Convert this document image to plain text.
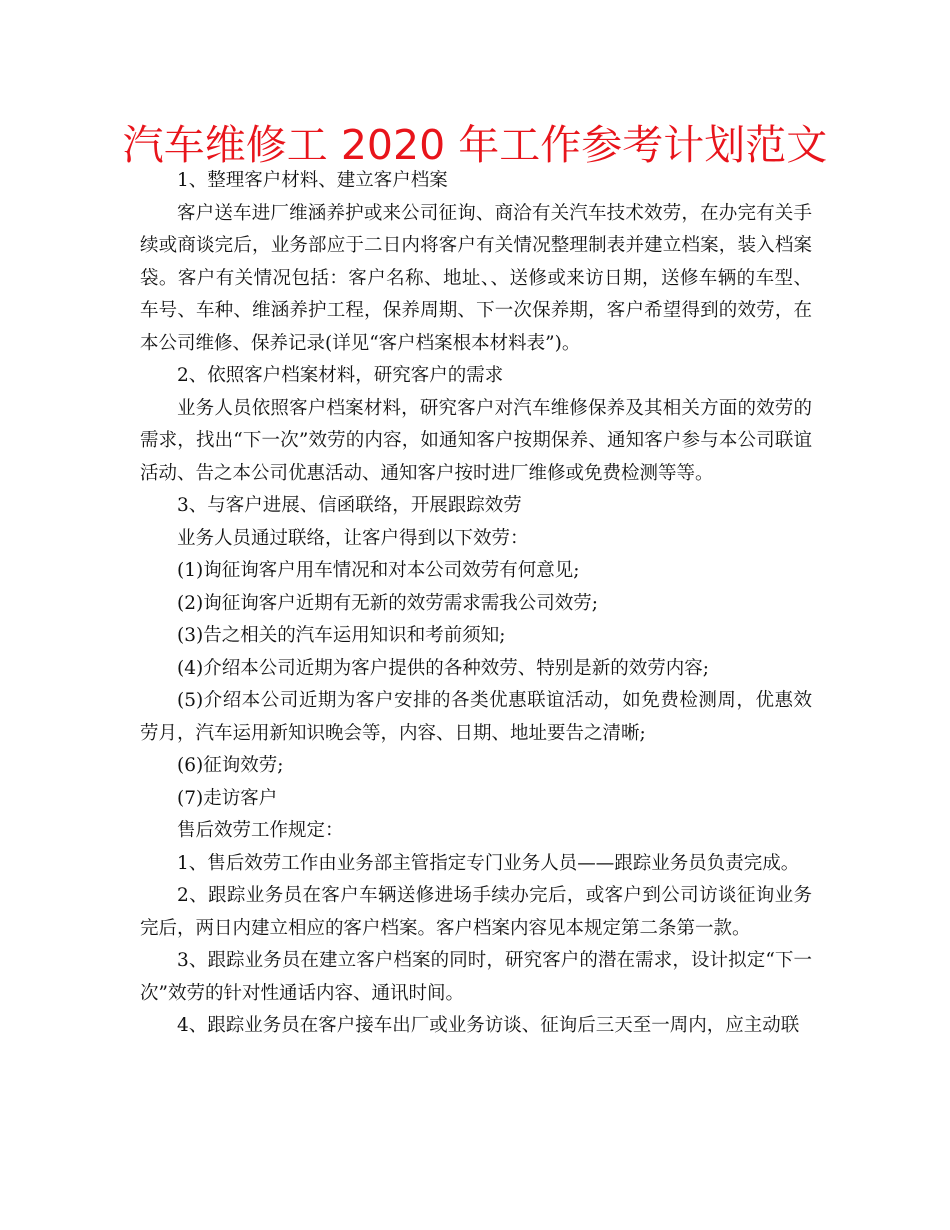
汽车维修工 2020 年工作参考计划范文

1、整理客户材料、建立客户档案

客户送车进厂维涵养护或来公司征询、商洽有关汽车技术效劳，在办完有关手续或商谈完后，业务部应于二日内将客户有关情况整理制表并建立档案，装入档案袋。客户有关情况包括：客户名称、地址、、送修或来访日期，送修车辆的车型、车号、车种、维涵养护工程，保养周期、下一次保养期，客户希望得到的效劳，在本公司维修、保养记录(详见“客户档案根本材料表”)。

2、依照客户档案材料，研究客户的需求

业务人员依照客户档案材料，研究客户对汽车维修保养及其相关方面的效劳的需求，找出“下一次”效劳的内容，如通知客户按期保养、通知客户参与本公司联谊活动、告之本公司优惠活动、通知客户按时进厂维修或免费检测等等。

3、与客户进展、信函联络，开展跟踪效劳

业务人员通过联络，让客户得到以下效劳：

(1)询征询客户用车情况和对本公司效劳有何意见;

(2)询征询客户近期有无新的效劳需求需我公司效劳;

(3)告之相关的汽车运用知识和考前须知;

(4)介绍本公司近期为客户提供的各种效劳、特别是新的效劳内容;

(5)介绍本公司近期为客户安排的各类优惠联谊活动，如免费检测周，优惠效劳月，汽车运用新知识晚会等，内容、日期、地址要告之清晰;

(6)征询效劳;

(7)走访客户

售后效劳工作规定：

1、售后效劳工作由业务部主管指定专门业务人员——跟踪业务员负责完成。

2、跟踪业务员在客户车辆送修进场手续办完后，或客户到公司访谈征询业务完后，两日内建立相应的客户档案。客户档案内容见本规定第二条第一款。

3、跟踪业务员在建立客户档案的同时，研究客户的潜在需求，设计拟定“下一次”效劳的针对性通话内容、通讯时间。

4、跟踪业务员在客户接车出厂或业务访谈、征询后三天至一周内，应主动联
